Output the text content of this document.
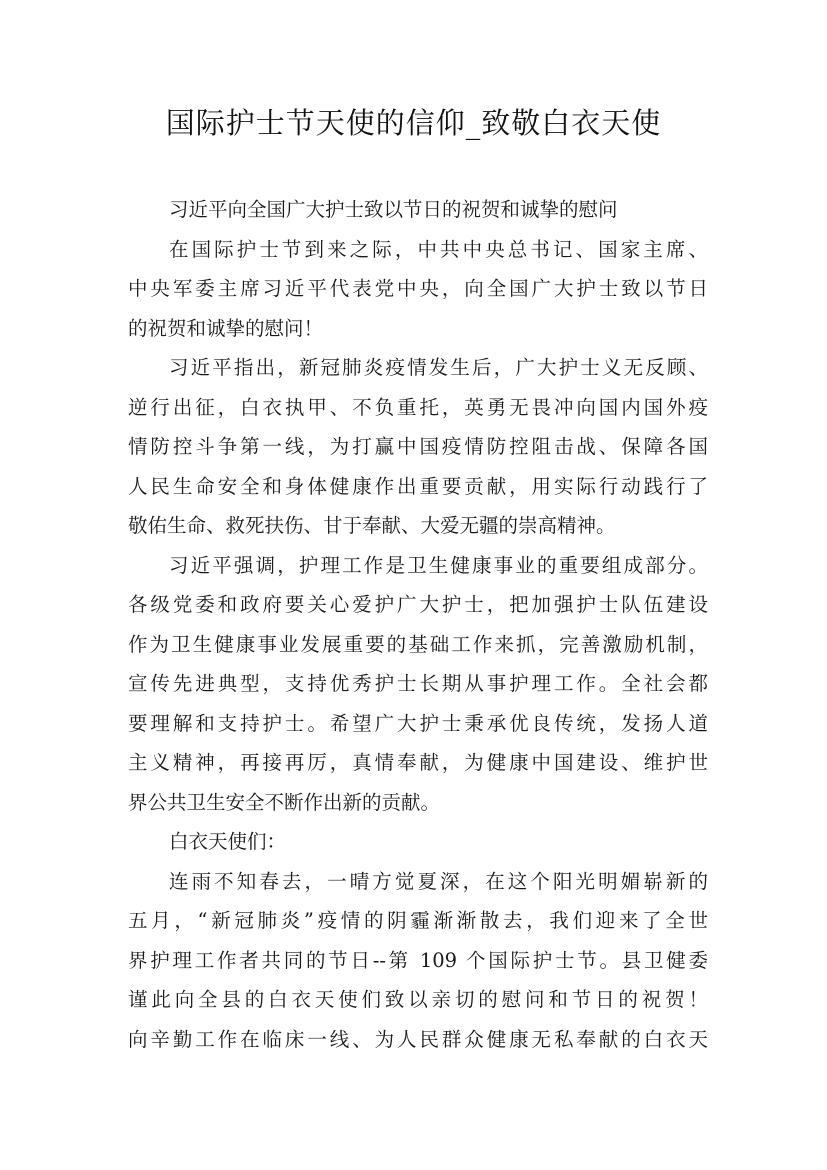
国际护士节天使的信仰_致敬白衣天使
习近平向全国广大护士致以节日的祝贺和诚挚的慰问
在国际护士节到来之际，中共中央总书记、国家主席、
中央军委主席习近平代表党中央，向全国广大护士致以节日
的祝贺和诚挚的慰问！
习近平指出，新冠肺炎疫情发生后，广大护士义无反顾、
逆行出征，白衣执甲、不负重托，英勇无畏冲向国内国外疫
情防控斗争第一线，为打赢中国疫情防控阻击战、保障各国
人民生命安全和身体健康作出重要贡献，用实际行动践行了
敬佑生命、救死扶伤、甘于奉献、大爱无疆的崇高精神。
习近平强调，护理工作是卫生健康事业的重要组成部分。
各级党委和政府要关心爱护广大护士，把加强护士队伍建设
作为卫生健康事业发展重要的基础工作来抓，完善激励机制，
宣传先进典型，支持优秀护士长期从事护理工作。全社会都
要理解和支持护士。希望广大护士秉承优良传统，发扬人道
主义精神，再接再厉，真情奉献，为健康中国建设、维护世
界公共卫生安全不断作出新的贡献。
白衣天使们：
连雨不知春去，一晴方觉夏深，在这个阳光明媚崭新的
五月，“新冠肺炎”疫情的阴霾渐渐散去，我们迎来了全世
界护理工作者共同的节日--第 109 个国际护士节。县卫健委
谨此向全县的白衣天使们致以亲切的慰问和节日的祝贺！
向辛勤工作在临床一线、为人民群众健康无私奉献的白衣天
